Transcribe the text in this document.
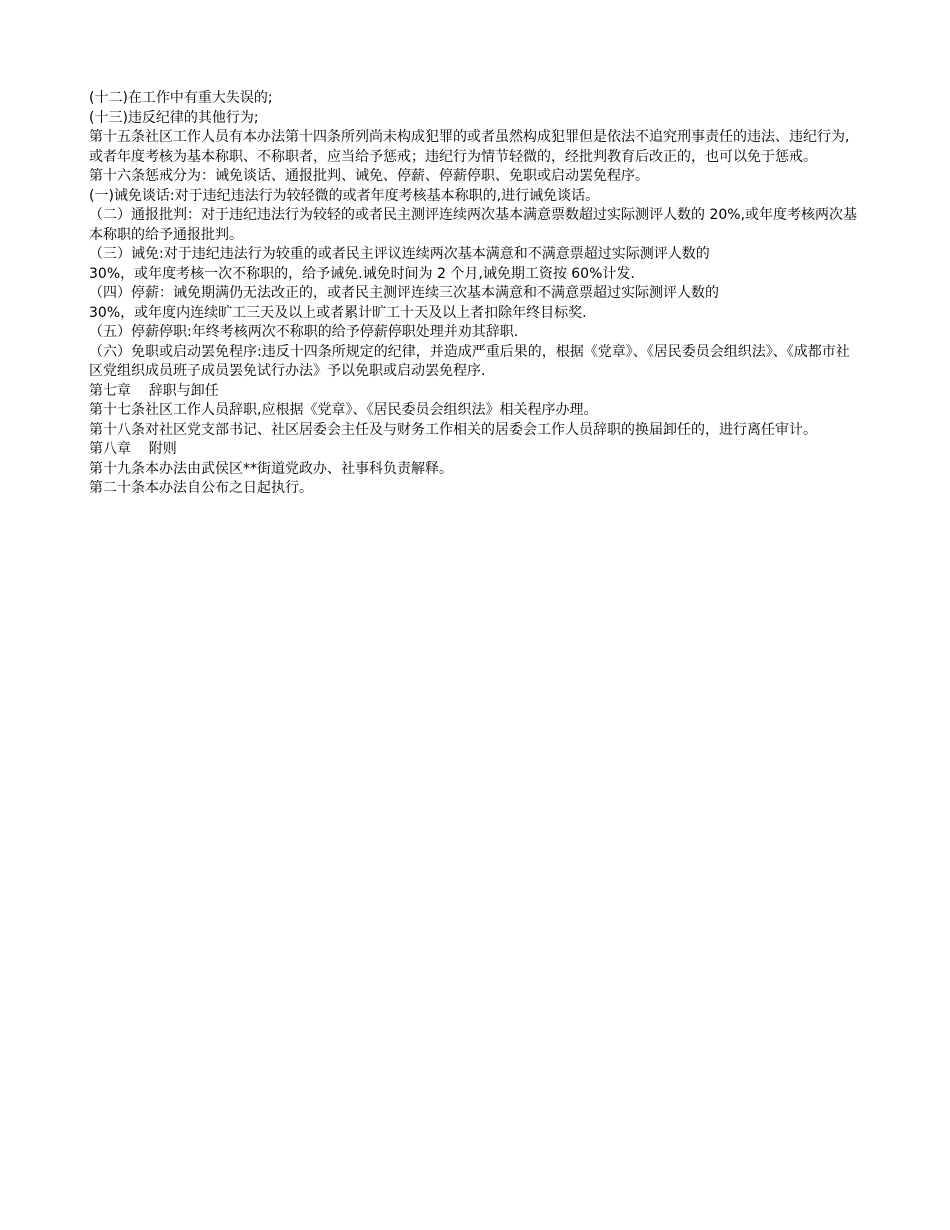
(十二)在工作中有重大失误的;

(十三)违反纪律的其他行为;

第十五条社区工作人员有本办法第十四条所列尚未构成犯罪的或者虽然构成犯罪但是依法不追究刑事责任的违法、违纪行为,或者年度考核为基本称职、不称职者，应当给予惩戒；违纪行为情节轻微的，经批判教育后改正的，也可以免于惩戒。

第十六条惩戒分为：诫免谈话、通报批判、诫免、停薪、停薪停职、免职或启动罢免程序。

(一)诫免谈话:对于违纪违法行为较轻微的或者年度考核基本称职的,进行诫免谈话。

（二）通报批判：对于违纪违法行为较轻的或者民主测评连续两次基本满意票数超过实际测评人数的 20%,或年度考核两次基本称职的给予通报批判。

（三）诫免:对于违纪违法行为较重的或者民主评议连续两次基本满意和不满意票超过实际测评人数的

30%，或年度考核一次不称职的，给予诫免.诫免时间为 2 个月,诫免期工资按 60%计发.

（四）停薪：诫免期满仍无法改正的，或者民主测评连续三次基本满意和不满意票超过实际测评人数的

30%，或年度内连续旷工三天及以上或者累计旷工十天及以上者扣除年终目标奖.

（五）停薪停职:年终考核两次不称职的给予停薪停职处理并劝其辞职.

（六）免职或启动罢免程序:违反十四条所规定的纪律，并造成严重后果的，根据《党章》、《居民委员会组织法》、《成都市社区党组织成员班子成员罢免试行办法》予以免职或启动罢免程序.

第七章    辞职与卸任

第十七条社区工作人员辞职,应根据《党章》、《居民委员会组织法》相关程序办理。

第十八条对社区党支部书记、社区居委会主任及与财务工作相关的居委会工作人员辞职的换届卸任的，进行离任审计。

第八章    附则

第十九条本办法由武侯区**街道党政办、社事科负责解释。

第二十条本办法自公布之日起执行。
